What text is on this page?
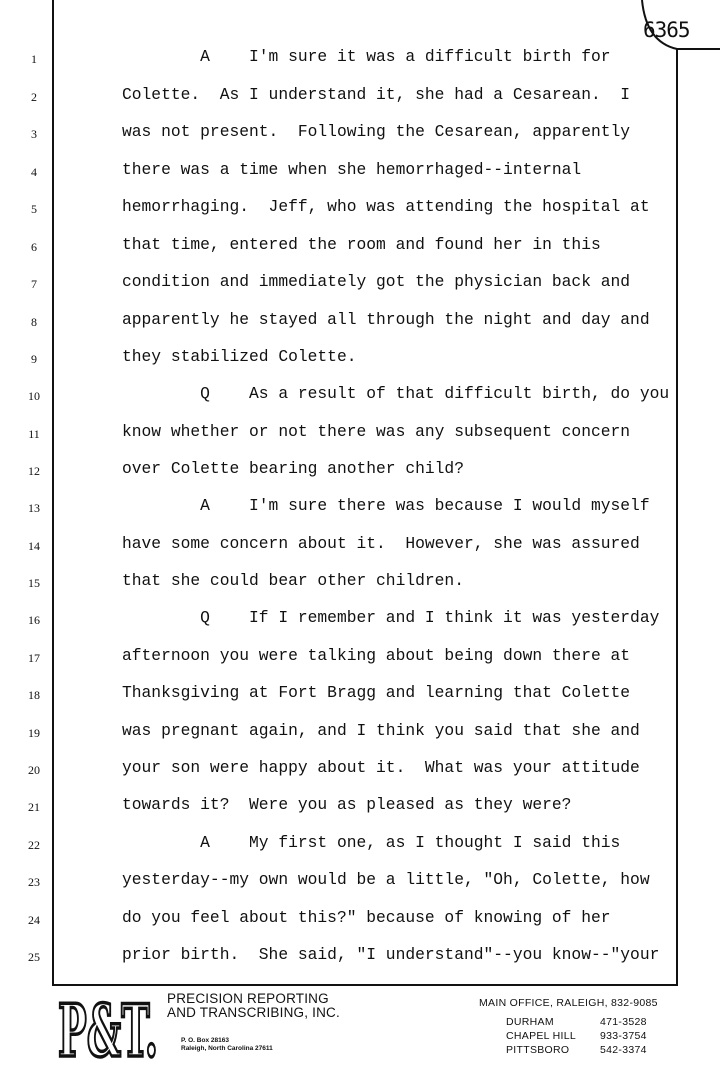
6365
1
2
3
4
5
6
7
8
9
10
11
12
13
14
15
16
17
18
19
20
21
22
23
24
25
A    I'm sure it was a difficult birth for
Colette.  As I understand it, she had a Cesarean.  I
was not present.  Following the Cesarean, apparently
there was a time when she hemorrhaged--internal
hemorrhaging.  Jeff, who was attending the hospital at
that time, entered the room and found her in this
condition and immediately got the physician back and
apparently he stayed all through the night and day and
they stabilized Colette.
Q    As a result of that difficult birth, do you
know whether or not there was any subsequent concern
over Colette bearing another child?
A    I'm sure there was because I would myself
have some concern about it.  However, she was assured
that she could bear other children.
Q    If I remember and I think it was yesterday
afternoon you were talking about being down there at
Thanksgiving at Fort Bragg and learning that Colette
was pregnant again, and I think you said that she and
your son were happy about it.  What was your attitude
towards it?  Were you as pleased as they were?
A    My first one, as I thought I said this
yesterday--my own would be a little, "Oh, Colette, how
do you feel about this?" because of knowing of her
prior birth.  She said, "I understand"--you know--"your
P&T. PRECISION REPORTING
AND TRANSCRIBING, INC.
P. O. Box 28163
Raleigh, North Carolina 27611
MAIN OFFICE, RALEIGH, 832-9085
DURHAM	471-3528
CHAPEL HILL 933-3754
PITTSBORO	542-3374
